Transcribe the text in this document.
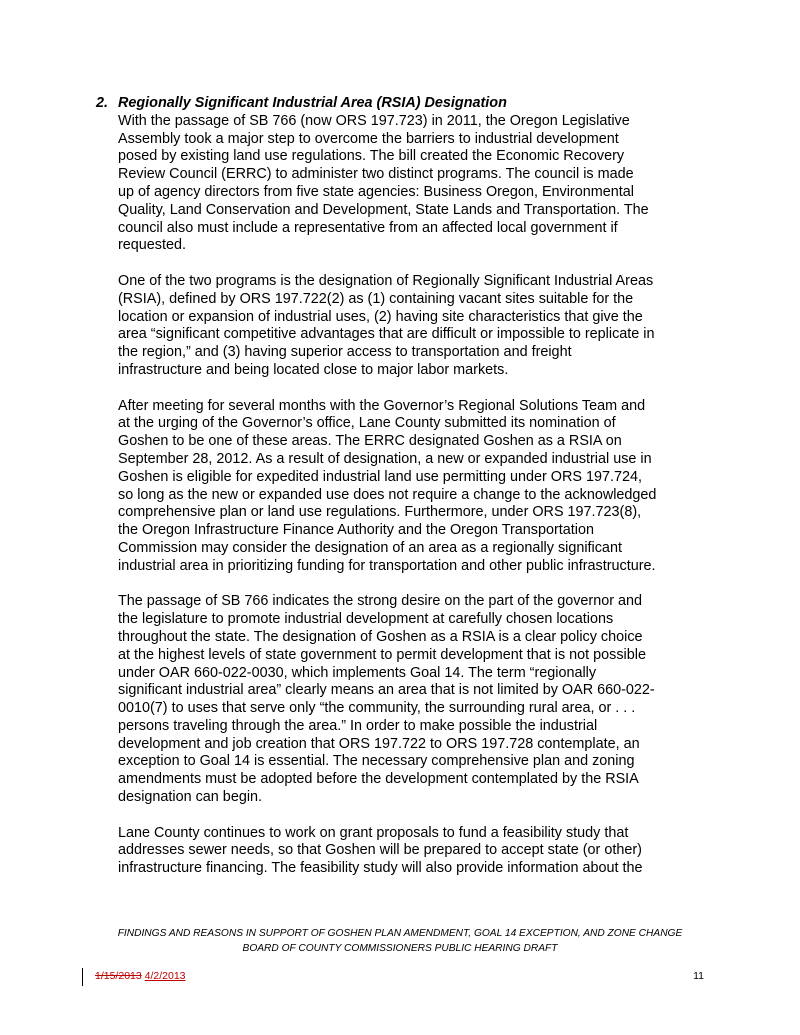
2. Regionally Significant Industrial Area (RSIA) Designation
With the passage of SB 766 (now ORS 197.723) in 2011, the Oregon Legislative
Assembly took a major step to overcome the barriers to industrial development
posed by existing land use regulations. The bill created the Economic Recovery
Review Council (ERRC) to administer two distinct programs. The council is made
up of agency directors from five state agencies: Business Oregon, Environmental
Quality, Land Conservation and Development, State Lands and Transportation. The
council also must include a representative from an affected local government if
requested.
One of the two programs is the designation of Regionally Significant Industrial Areas
(RSIA), defined by ORS 197.722(2) as (1) containing vacant sites suitable for the
location or expansion of industrial uses, (2) having site characteristics that give the
area “significant competitive advantages that are difficult or impossible to replicate in
the region,” and (3) having superior access to transportation and freight
infrastructure and being located close to major labor markets.
After meeting for several months with the Governor’s Regional Solutions Team and
at the urging of the Governor’s office, Lane County submitted its nomination of
Goshen to be one of these areas. The ERRC designated Goshen as a RSIA on
September 28, 2012. As a result of designation, a new or expanded industrial use in
Goshen is eligible for expedited industrial land use permitting under ORS 197.724,
so long as the new or expanded use does not require a change to the acknowledged
comprehensive plan or land use regulations. Furthermore, under ORS 197.723(8),
the Oregon Infrastructure Finance Authority and the Oregon Transportation
Commission may consider the designation of an area as a regionally significant
industrial area in prioritizing funding for transportation and other public infrastructure.
The passage of SB 766 indicates the strong desire on the part of the governor and
the legislature to promote industrial development at carefully chosen locations
throughout the state. The designation of Goshen as a RSIA is a clear policy choice
at the highest levels of state government to permit development that is not possible
under OAR 660-022-0030, which implements Goal 14. The term “regionally
significant industrial area” clearly means an area that is not limited by OAR 660-022-
0010(7) to uses that serve only “the community, the surrounding rural area, or . . .
persons traveling through the area.” In order to make possible the industrial
development and job creation that ORS 197.722 to ORS 197.728 contemplate, an
exception to Goal 14 is essential. The necessary comprehensive plan and zoning
amendments must be adopted before the development contemplated by the RSIA
designation can begin.
Lane County continues to work on grant proposals to fund a feasibility study that
addresses sewer needs, so that Goshen will be prepared to accept state (or other)
infrastructure financing. The feasibility study will also provide information about the
FINDINGS AND REASONS IN SUPPORT OF GOSHEN PLAN AMENDMENT, GOAL 14 EXCEPTION, AND ZONE CHANGE
BOARD OF COUNTY COMMISSIONERS PUBLIC HEARING DRAFT
1/15/2013 4/2/2013	11
